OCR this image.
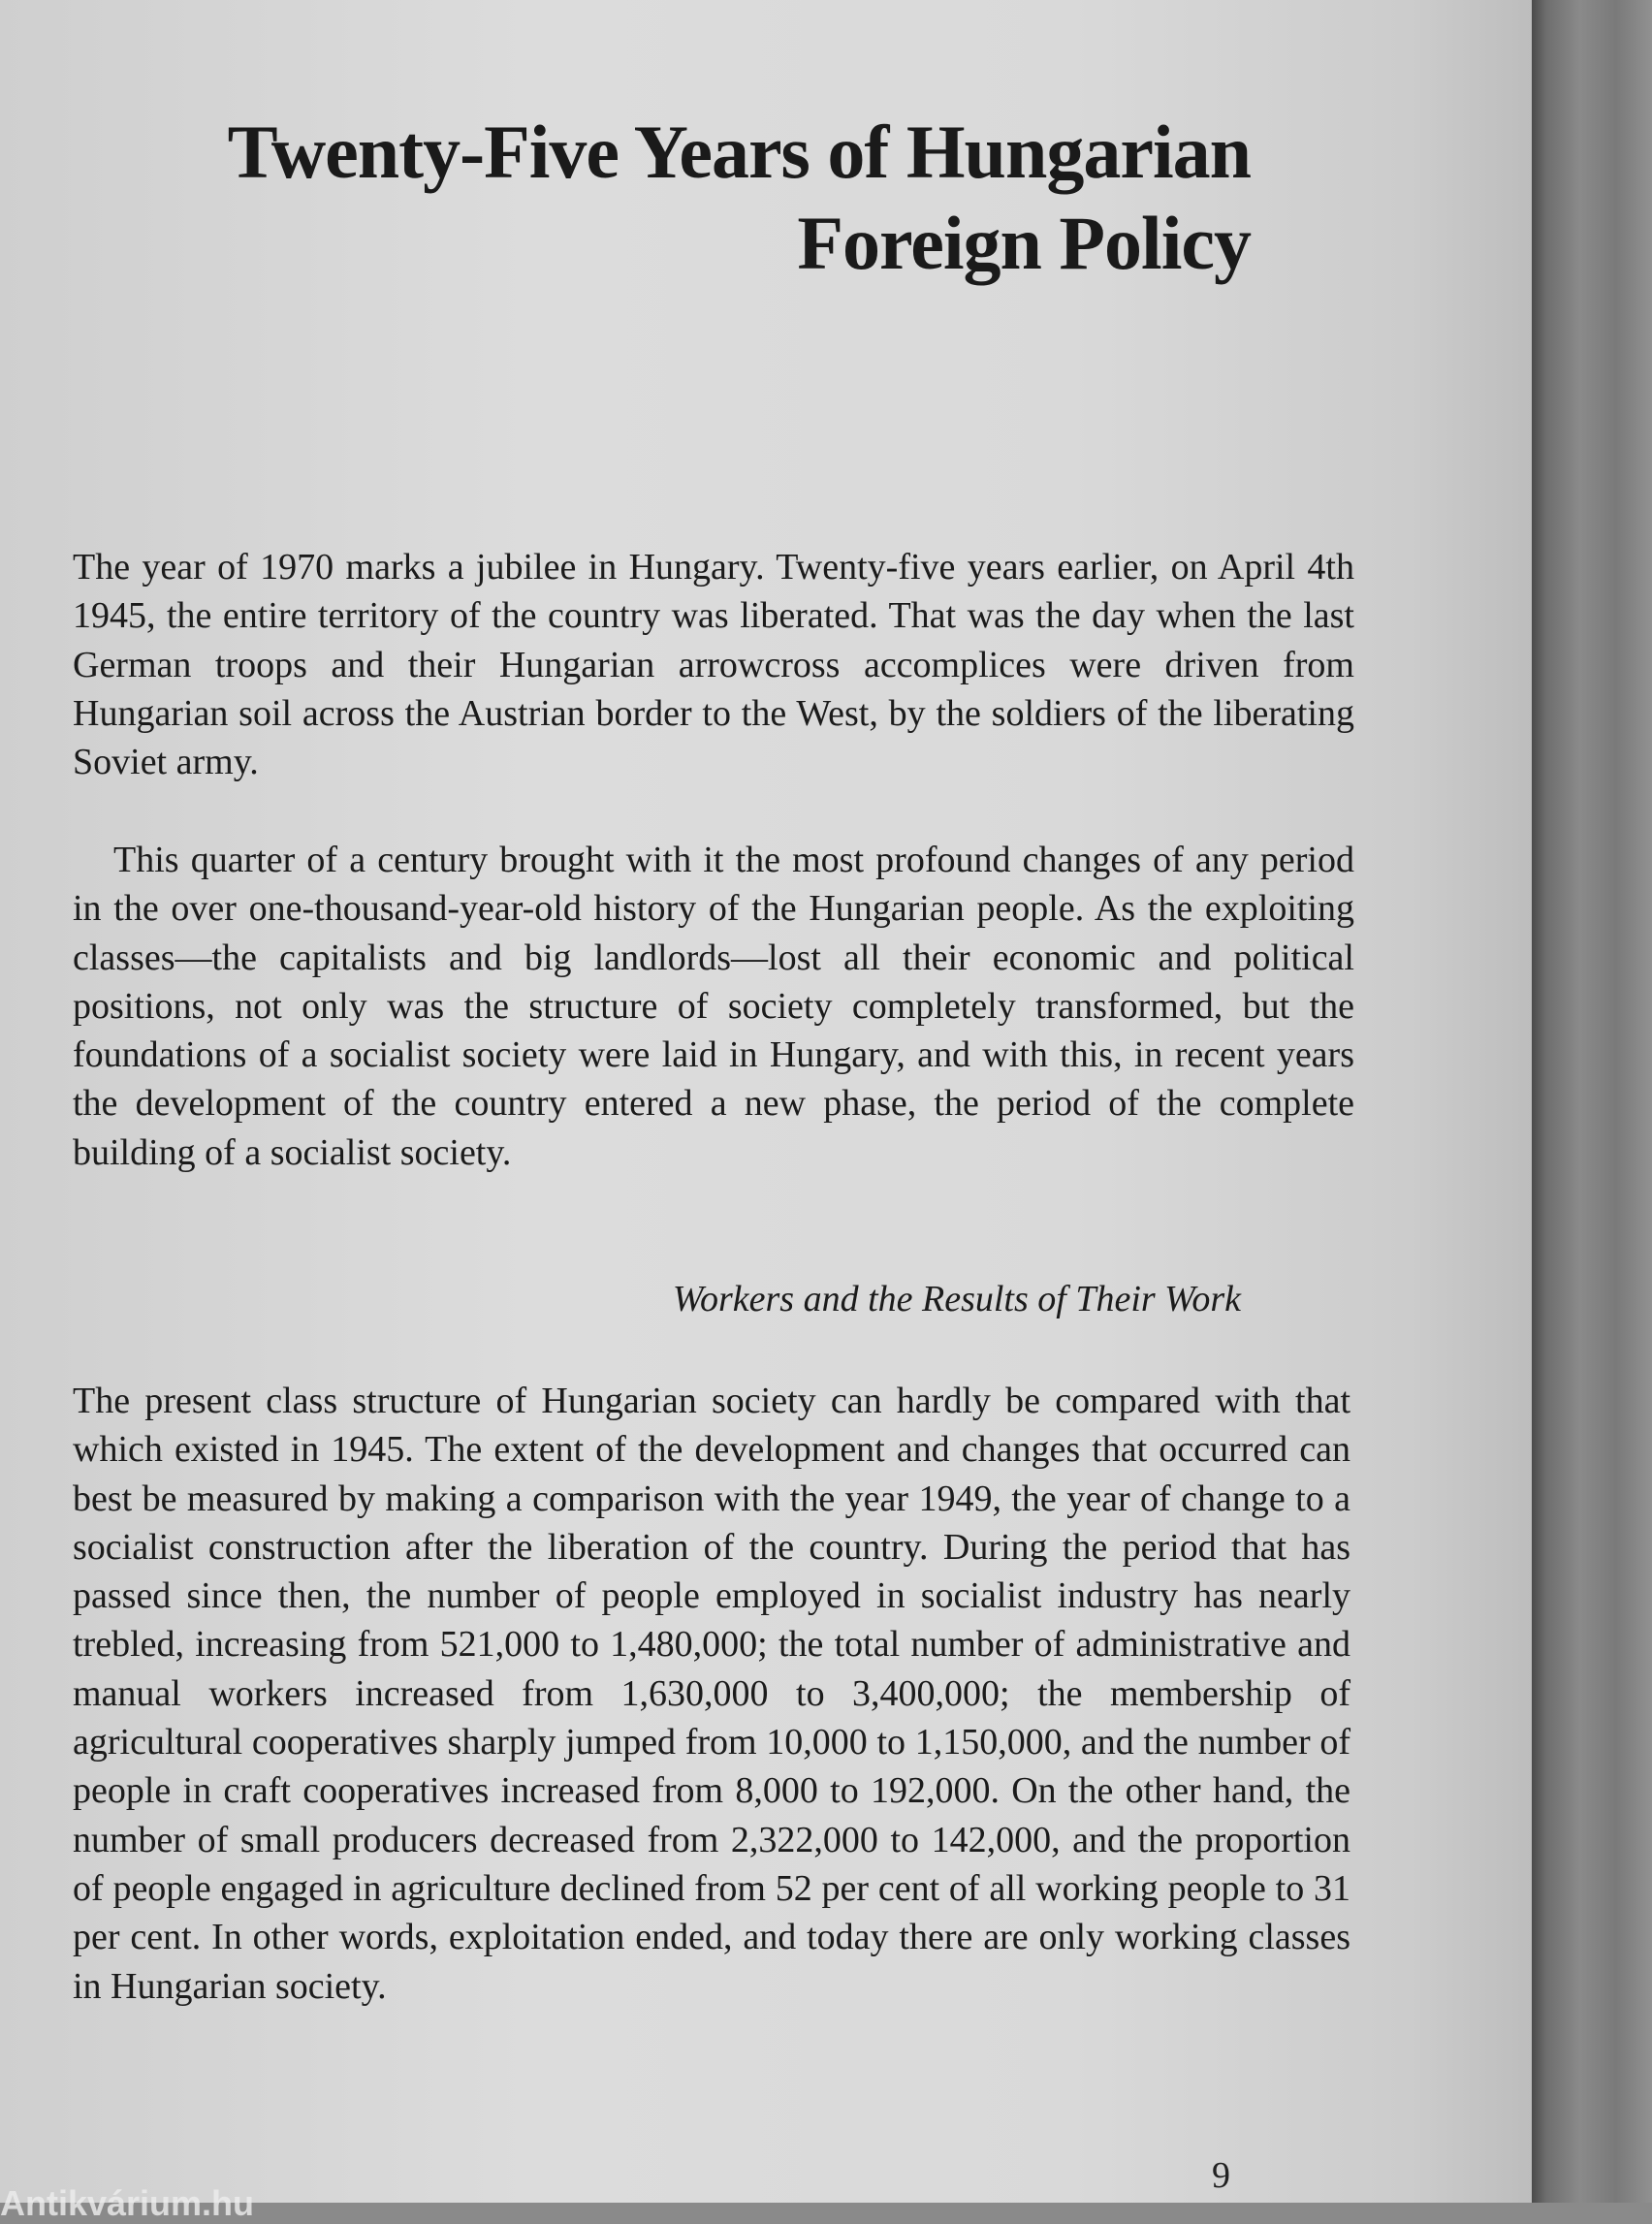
Twenty-Five Years of Hungarian
Foreign Policy

The year of 1970 marks a jubilee in Hungary. Twenty-five years earlier, on April 4th 1945, the entire territory of the country was liberated. That was the day when the last German troops and their Hungarian arrowcross accomplices were driven from Hungarian soil across the Austrian border to the West, by the soldiers of the liberating Soviet army.

This quarter of a century brought with it the most profound changes of any period in the over one-thousand-year-old history of the Hungarian people. As the exploiting classes—the capitalists and big landlords—lost all their economic and political positions, not only was the structure of society completely transformed, but the foundations of a socialist society were laid in Hungary, and with this, in recent years the development of the country entered a new phase, the period of the complete building of a socialist society.

Workers and the Results of Their Work

The present class structure of Hungarian society can hardly be compared with that which existed in 1945. The extent of the development and changes that occurred can best be measured by making a comparison with the year 1949, the year of change to a socialist construction after the liberation of the country. During the period that has passed since then, the number of people employed in socialist industry has nearly trebled, increasing from 521,000 to 1,480,000; the total number of administrative and manual workers increased from 1,630,000 to 3,400,000; the membership of agricultural cooperatives sharply jumped from 10,000 to 1,150,000, and the number of people in craft cooperatives increased from 8,000 to 192,000. On the other hand, the number of small producers decreased from 2,322,000 to 142,000, and the proportion of people engaged in agriculture declined from 52 per cent of all working people to 31 per cent. In other words, exploitation ended, and today there are only working classes in Hungarian society.

9
Antikvárium.hu
